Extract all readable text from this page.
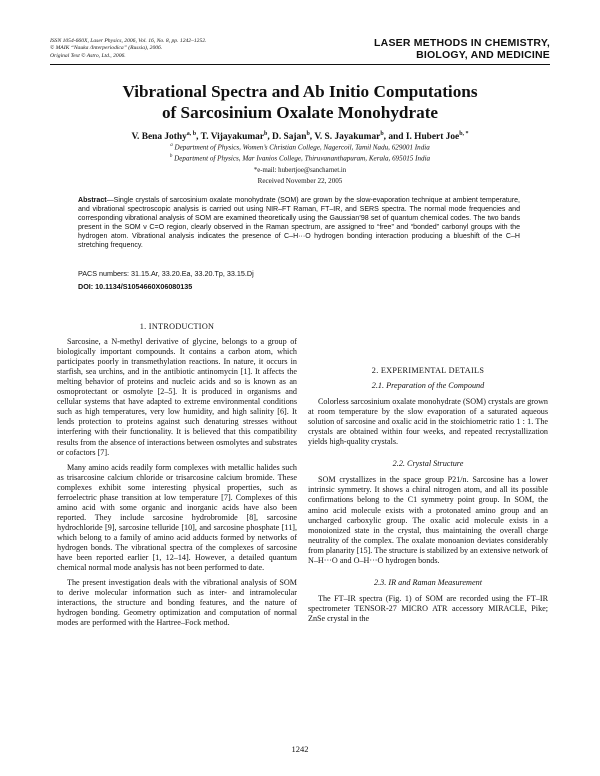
ISSN 1054-660X, Laser Physics, 2006, Vol. 16, No. 8, pp. 1242–1252.
© MAIK “Nauka /Interperiodica” (Russia), 2006.
Original Text © Astro, Ltd., 2006.
LASER METHODS IN CHEMISTRY,
BIOLOGY, AND MEDICINE
Vibrational Spectra and Ab Initio Computations
of Sarcosinium Oxalate Monohydrate
V. Bena Jothy$^{a, b}$, T. Vijayakumar$^b$, D. Sajan$^b$, V. S. Jayakumar$^b$, and I. Hubert Joe$^{b, *}$
$^a$ Department of Physics, Women’s Christian College, Nagercoil, Tamil Nadu, 629001 India
$^b$ Department of Physics, Mar Ivanios College, Thiruvananthapuram, Kerala, 695015 India
*e-mail: hubertjoe@sancharnet.in
Received November 22, 2005
Abstract—Single crystals of sarcosinium oxalate monohydrate (SOM) are grown by the slow-evaporation technique at ambient temperature, and vibrational spectroscopic analysis is carried out using NIR–FT Raman, FT–IR, and SERS spectra. The normal mode frequencies and corresponding vibrational analysis of SOM are examined theoretically using the Gaussian’98 set of quantum chemical codes. The two bands present in the SOM ν C=O region, clearly observed in the Raman spectrum, are assigned to “free” and “bonded” carbonyl groups with the hydrogen atom. Vibrational analysis indicates the presence of C–H···O hydrogen bonding interaction producing a blueshift of the C–H stretching frequency.
PACS numbers: 31.15.Ar, 33.20.Ea, 33.20.Tp, 33.15.Dj
DOI: 10.1134/S1054660X06080135
1. INTRODUCTION

Sarcosine, a N-methyl derivative of glycine, belongs to a group of biologically important compounds. It contains a carbon atom, which participates poorly in transmethylation reactions. In nature, it occurs in starfish, sea urchins, and in the antibiotic antinomycin [1]. It affects the melting behavior of proteins and nucleic acids and so is known as an osmoprotectant or osmolyte [2–5]. It is produced in organisms and cellular systems that have adapted to extreme environmental conditions such as high temperatures, very low humidity, and high salinity [6]. It lends protection to proteins against such denaturing stresses without interfering with their functionality. It is believed that this compatibility results from the absence of interactions between osmolytes and substrates or cofactors [7].

Many amino acids readily form complexes with metallic halides such as trisarcosine calcium chloride or trisarcosine calcium bromide. These complexes exhibit some interesting physical properties, such as ferroelectric phase transition at low temperature [7]. Complexes of this amino acid with some organic and inorganic acids have also been reported. They include sarcosine hydrobromide [8], sarcosine hydrochloride [9], sarcosine telluride [10], and sarcosine phosphate [11], which belong to a family of amino acid adducts formed by networks of hydrogen bonds. The vibrational spectra of the complexes of sarcosine have been reported earlier [1, 12–14]. However, a detailed quantum chemical normal mode analysis has not been performed to date.

The present investigation deals with the vibrational analysis of SOM to derive molecular information such as inter- and intramolecular interactions, the structure and bonding features, and the nature of hydrogen bonding. Geometry optimization and computation of normal modes are performed with the Hartree–Fock method.

2. EXPERIMENTAL DETAILS
2.1. Preparation of the Compound

Colorless sarcosinium oxalate monohydrate (SOM) crystals are grown at room temperature by the slow evaporation of a saturated aqueous solution of sarcosine and oxalic acid in the stoichiometric ratio 1 : 1. The crystals are obtained within four weeks, and repeated recrystallization yields high-quality crystals.

2.2. Crystal Structure

SOM crystallizes in the space group P21/n. Sarcosine has a lower intrinsic symmetry. It shows a chiral nitrogen atom, and all its possible confirmations belong to the C1 symmetry point group. In SOM, the amino acid molecule exists with a protonated amino group and an uncharged carboxylic group. The oxalic acid molecule exists in a monoionized state in the crystal, thus maintaining the overall charge neutrality of the complex. The oxalate monoanion deviates considerably from planarity [15]. The structure is stabilized by an extensive network of N–H···O and O–H···O hydrogen bonds.

2.3. IR and Raman Measurement

The FT–IR spectra (Fig. 1) of SOM are recorded using the FT–IR spectrometer TENSOR-27 MICRO ATR accessory MIRACLE, Pike; ZnSe crystal in the

1242
